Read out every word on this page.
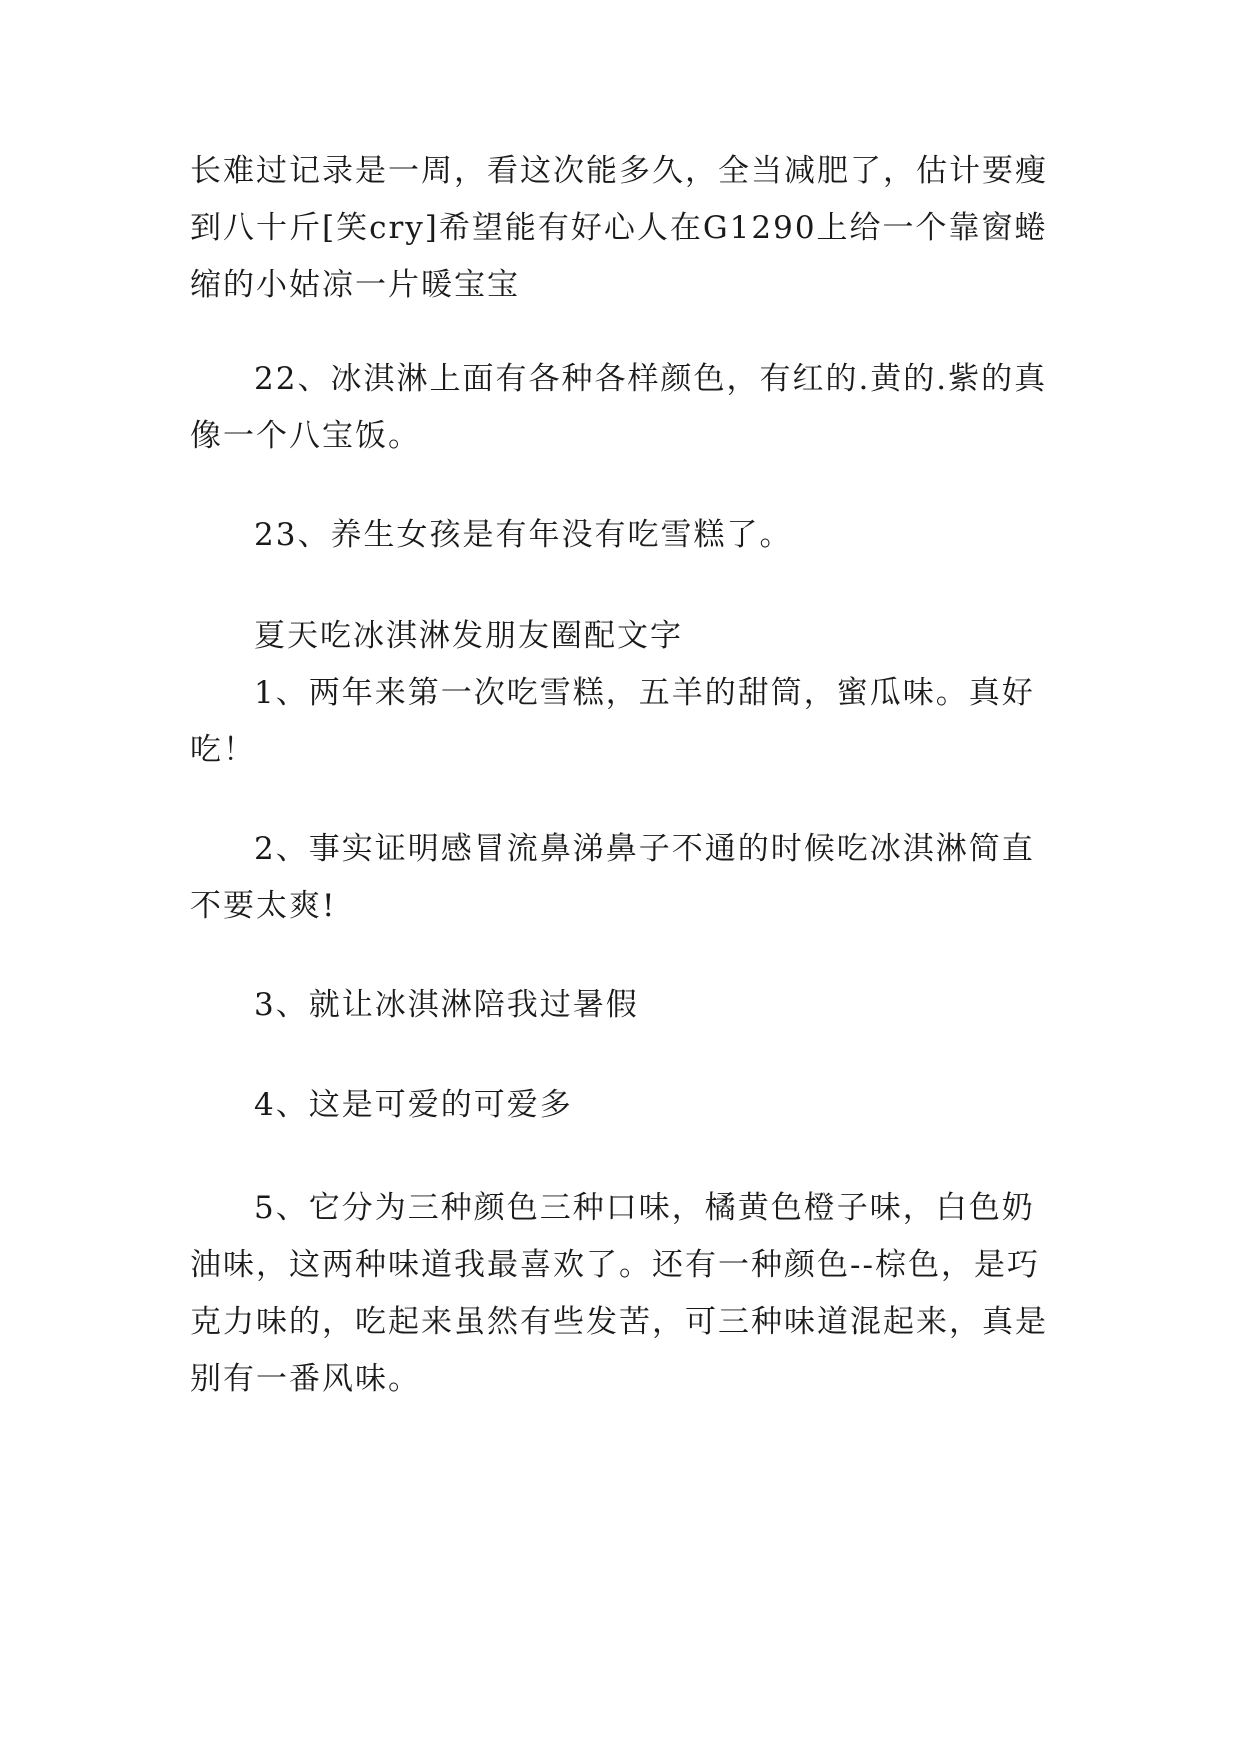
长难过记录是一周，看这次能多久，全当减肥了，估计要瘦到八十斤[笑cry]希望能有好心人在G1290上给一个靠窗蜷缩的小姑凉一片暖宝宝

22、冰淇淋上面有各种各样颜色，有红的.黄的.紫的真像一个八宝饭。

23、养生女孩是有年没有吃雪糕了。

夏天吃冰淇淋发朋友圈配文字

1、两年来第一次吃雪糕，五羊的甜筒，蜜瓜味。真好吃！

2、事实证明感冒流鼻涕鼻子不通的时候吃冰淇淋简直不要太爽!

3、就让冰淇淋陪我过暑假

4、这是可爱的可爱多

5、它分为三种颜色三种口味，橘黄色橙子味，白色奶油味，这两种味道我最喜欢了。还有一种颜色--棕色，是巧克力味的，吃起来虽然有些发苦，可三种味道混起来，真是别有一番风味。
